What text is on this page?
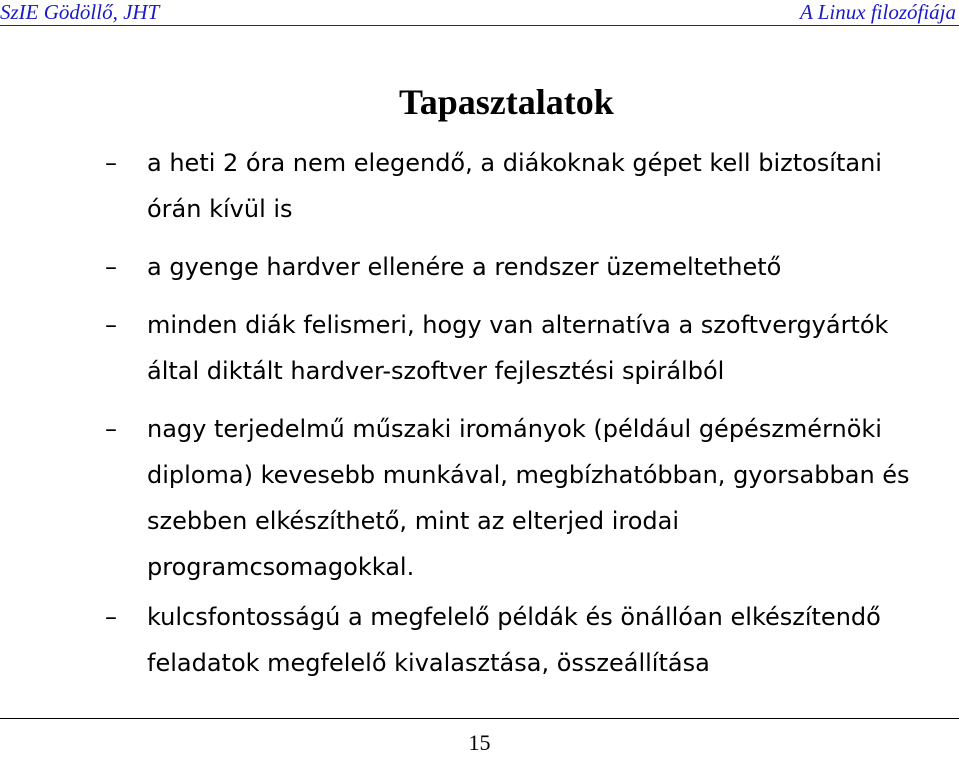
SzIE Gödöllő, JHT	A Linux filozófiája
Tapasztalatok
– a heti 2 óra nem elegendő, a diákoknak gépet kell biztosítani
órán kívül is
– a gyenge hardver ellenére a rendszer üzemeltethető
– minden diák felismeri, hogy van alternatíva a szoftvergyártók
által diktált hardver-szoftver fejlesztési spirálból
– nagy terjedelmű műszaki irományok (például gépészmérnöki
diploma) kevesebb munkával, megbízhatóbban, gyorsabban és
szebben elkészíthető, mint az elterjed irodai
programcsomagokkal.
– kulcsfontosságú a megfelelő példák és önállóan elkészítendő
feladatok megfelelő kivalasztása, összeállítása
15
